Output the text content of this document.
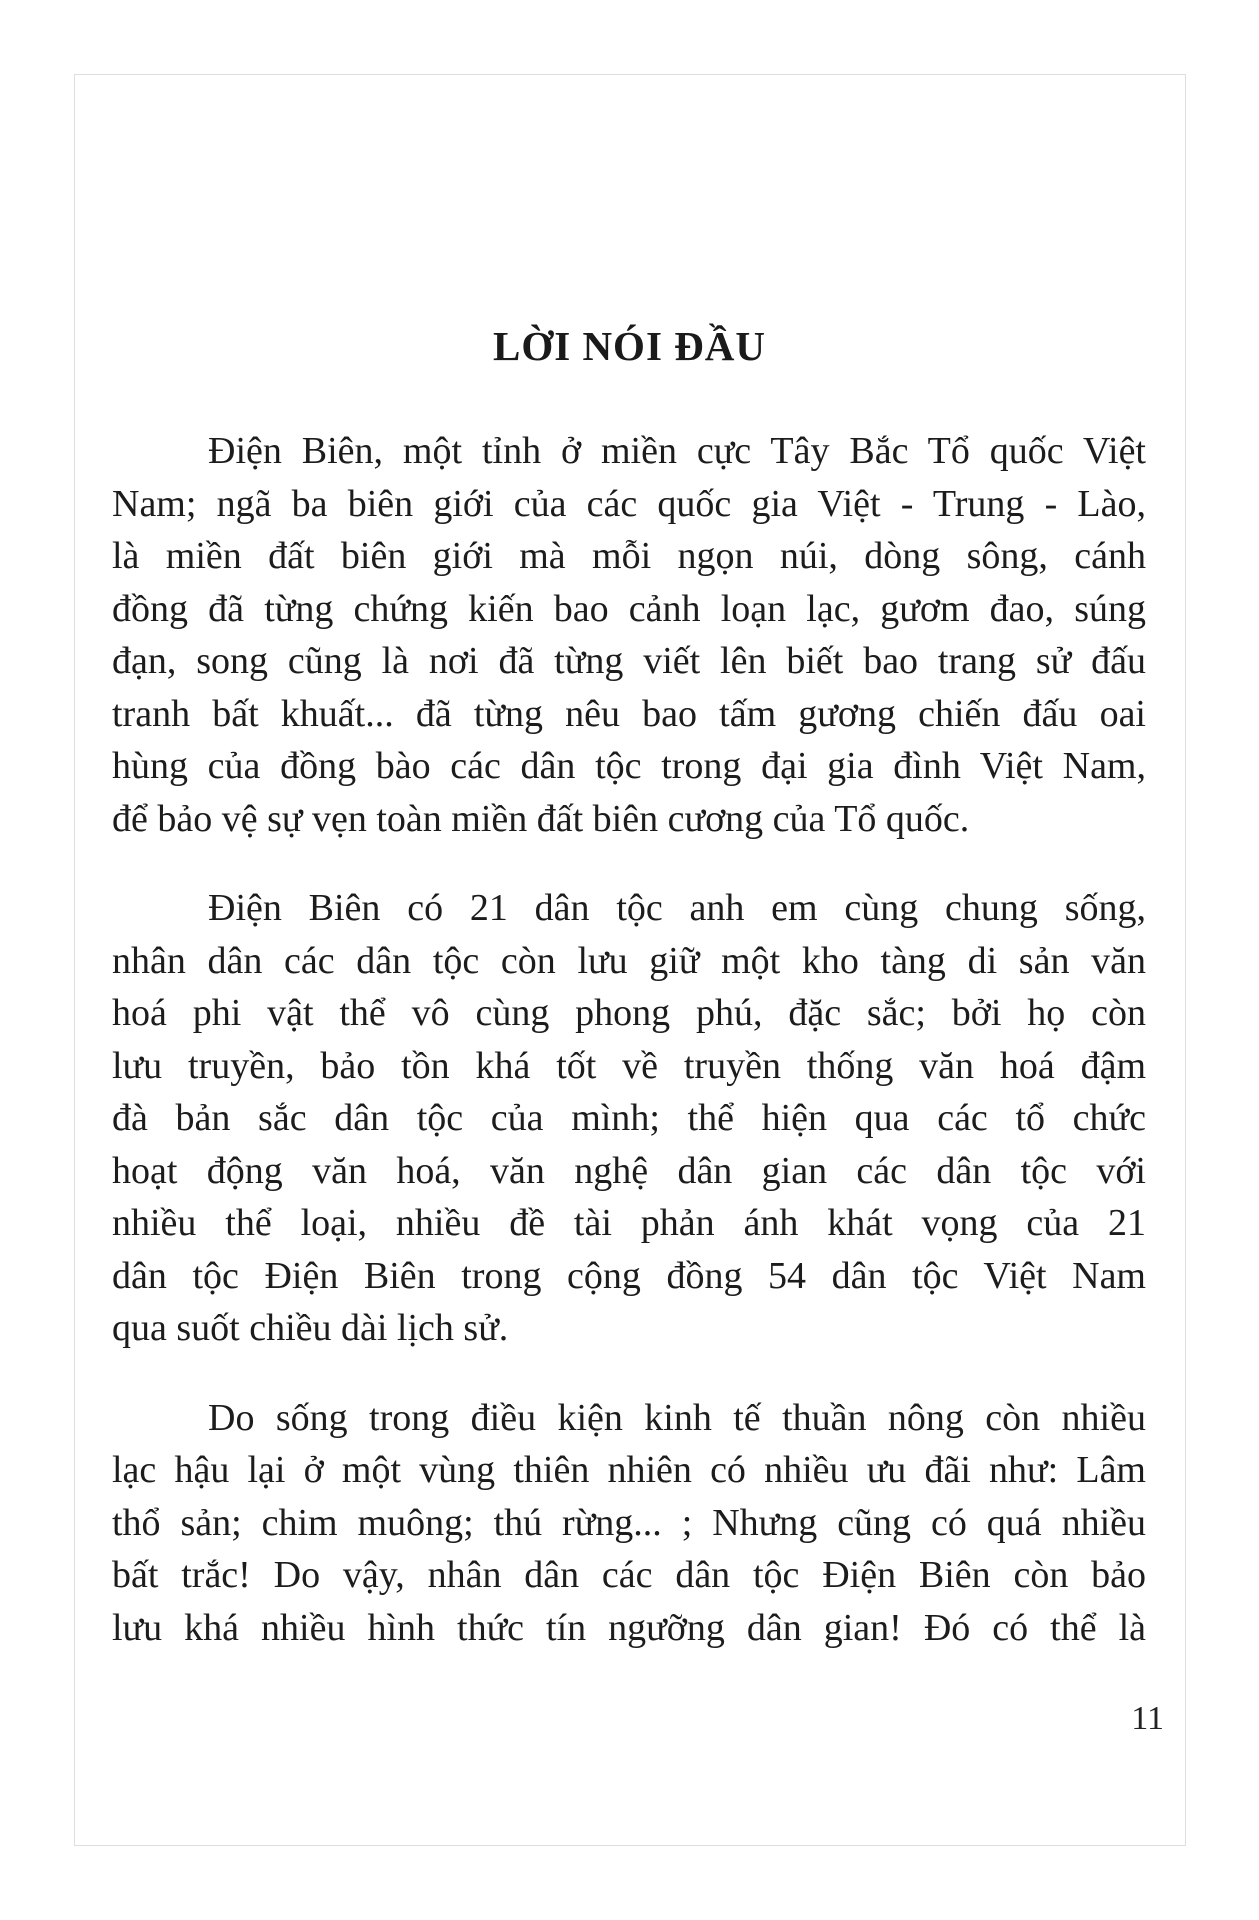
LỜI NÓI ĐẦU
Điện Biên, một tỉnh ở miền cực Tây Bắc Tổ quốc Việt
Nam; ngã ba biên giới của các quốc gia Việt - Trung - Lào,
là miền đất biên giới mà mỗi ngọn núi, dòng sông, cánh
đồng đã từng chứng kiến bao cảnh loạn lạc, gươm đao, súng
đạn, song cũng là nơi đã từng viết lên biết bao trang sử đấu
tranh bất khuất... đã từng nêu bao tấm gương chiến đấu oai
hùng của đồng bào các dân tộc trong đại gia đình Việt Nam,
để bảo vệ sự vẹn toàn miền đất biên cương của Tổ quốc.
Điện Biên có 21 dân tộc anh em cùng chung sống,
nhân dân các dân tộc còn lưu giữ một kho tàng di sản văn
hoá phi vật thể vô cùng phong phú, đặc sắc; bởi họ còn
lưu truyền, bảo tồn khá tốt về truyền thống văn hoá đậm
đà bản sắc dân tộc của mình; thể hiện qua các tổ chức
hoạt động văn hoá, văn nghệ dân gian các dân tộc với
nhiều thể loại, nhiều đề tài phản ánh khát vọng của 21
dân tộc Điện Biên trong cộng đồng 54 dân tộc Việt Nam
qua suốt chiều dài lịch sử.
Do sống trong điều kiện kinh tế thuần nông còn nhiều
lạc hậu lại ở một vùng thiên nhiên có nhiều ưu đãi như: Lâm
thổ sản; chim muông; thú rừng... ; Nhưng cũng có quá nhiều
bất trắc! Do vậy, nhân dân các dân tộc Điện Biên còn bảo
lưu khá nhiều hình thức tín ngưỡng dân gian! Đó có thể là
11
